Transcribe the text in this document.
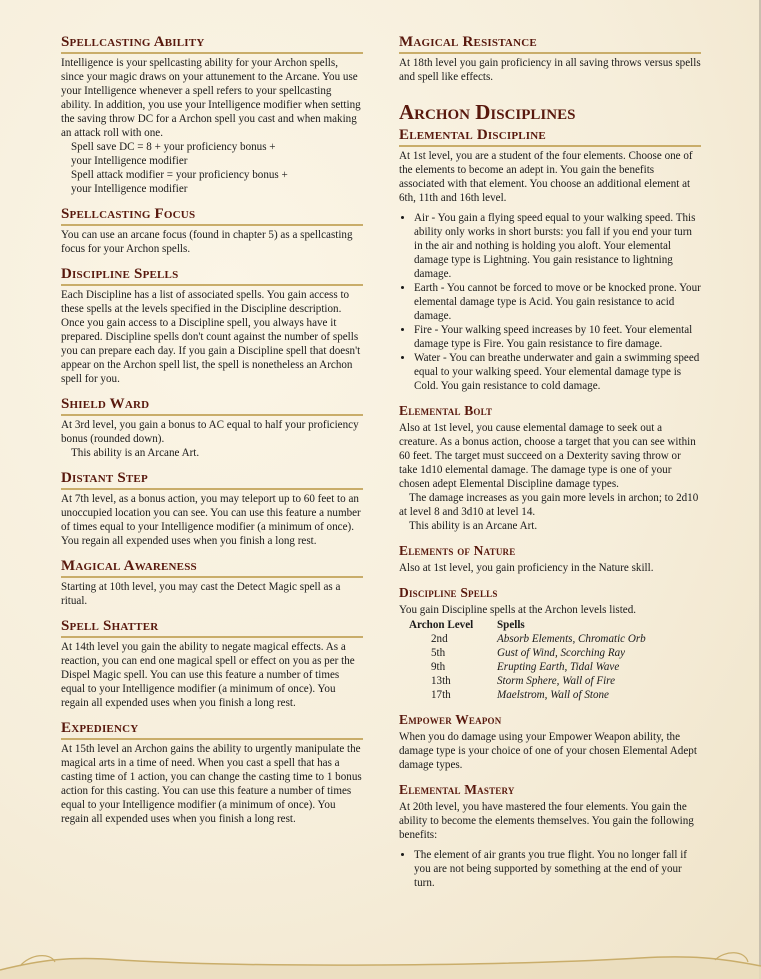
Spellcasting Ability

Intelligence is your spellcasting ability for your Archon spells, since your magic draws on your attunement to the Arcane. You use your Intelligence whenever a spell refers to your spellcasting ability. In addition, you use your Intelligence modifier when setting the saving throw DC for a Archon spell you cast and when making an attack roll with one.

Spell save DC = 8 + your proficiency bonus +

your Intelligence modifier

Spell attack modifier = your proficiency bonus +

your Intelligence modifier

Spellcasting Focus

You can use an arcane focus (found in chapter 5) as a spellcasting focus for your Archon spells.

Discipline Spells

Each Discipline has a list of associated spells. You gain access to these spells at the levels specified in the Discipline description. Once you gain access to a Discipline spell, you always have it prepared. Discipline spells don't count against the number of spells you can prepare each day. If you gain a Discipline spell that doesn't appear on the Archon spell list, the spell is nonetheless an Archon spell for you.

Shield Ward

At 3rd level, you gain a bonus to AC equal to half your proficiency bonus (rounded down).

This ability is an Arcane Art.

Distant Step

At 7th level, as a bonus action, you may teleport up to 60 feet to an unoccupied location you can see. You can use this feature a number of times equal to your Intelligence modifier (a minimum of once). You regain all expended uses when you finish a long rest.

Magical Awareness

Starting at 10th level, you may cast the Detect Magic spell as a ritual.

Spell Shatter

At 14th level you gain the ability to negate magical effects. As a reaction, you can end one magical spell or effect on you as per the Dispel Magic spell. You can use this feature a number of times equal to your Intelligence modifier (a minimum of once). You regain all expended uses when you finish a long rest.

Expediency

At 15th level an Archon gains the ability to urgently manipulate the magical arts in a time of need. When you cast a spell that has a casting time of 1 action, you can change the casting time to 1 bonus action for this casting. You can use this feature a number of times equal to your Intelligence modifier (a minimum of once). You regain all expended uses when you finish a long rest.

Magical Resistance

At 18th level you gain proficiency in all saving throws versus spells and spell like effects.

Archon Disciplines
Elemental Discipline

At 1st level, you are a student of the four elements. Choose one of the elements to become an adept in. You gain the benefits associated with that element. You choose an additional element at 6th, 11th and 16th level.

• Air - You gain a flying speed equal to your walking speed. This ability only works in short bursts: you fall if you end your turn in the air and nothing is holding you aloft. Your elemental damage type is Lightning. You gain resistance to lightning damage.
• Earth - You cannot be forced to move or be knocked prone. Your elemental damage type is Acid. You gain resistance to acid damage.
• Fire - Your walking speed increases by 10 feet. Your elemental damage type is Fire. You gain resistance to fire damage.
• Water - You can breathe underwater and gain a swimming speed equal to your walking speed. Your elemental damage type is Cold. You gain resistance to cold damage.
Elemental Bolt

Also at 1st level, you cause elemental damage to seek out a creature. As a bonus action, choose a target that you can see within 60 feet. The target must succeed on a Dexterity saving throw or take 1d10 elemental damage. The damage type is one of your chosen adept Elemental Discipline damage types.

The damage increases as you gain more levels in archon; to 2d10 at level 8 and 3d10 at level 14.

This ability is an Arcane Art.

Elements of Nature

Also at 1st level, you gain proficiency in the Nature skill.

Discipline Spells

You gain Discipline spells at the Archon levels listed.

Archon Level	Spells
2nd	Absorb Elements, Chromatic Orb
5th	Gust of Wind, Scorching Ray
9th	Erupting Earth, Tidal Wave
13th	Storm Sphere, Wall of Fire
17th	Maelstrom, Wall of Stone
Empower Weapon

When you do damage using your Empower Weapon ability, the damage type is your choice of one of your chosen Elemental Adept damage types.

Elemental Mastery

At 20th level, you have mastered the four elements. You gain the ability to become the elements themselves. You gain the following benefits:

• The element of air grants you true flight. You no longer fall if you are not being supported by something at the end of your turn.
